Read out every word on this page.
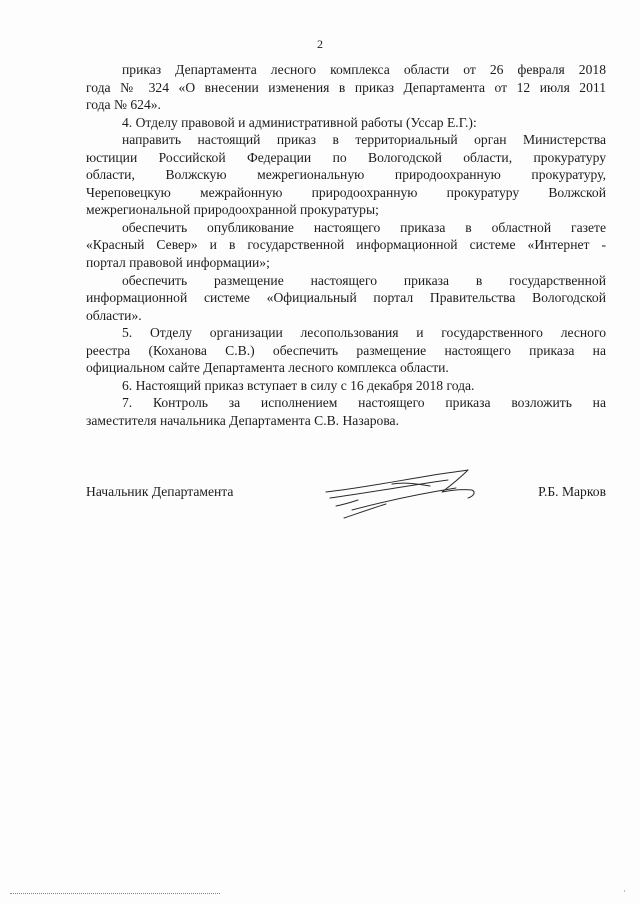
2
приказ Департамента лесного комплекса области от 26 февраля 2018
года № 324 «О внесении изменения в приказ Департамента от 12 июля 2011
года № 624».
4. Отделу правовой и административной работы (Уссар Е.Г.):
направить настоящий приказ в территориальный орган Министерства
юстиции Российской Федерации по Вологодской области, прокуратуру
области, Волжскую межрегиональную природоохранную прокуратуру,
Череповецкую межрайонную природоохранную прокуратуру Волжской
межрегиональной природоохранной прокуратуры;
обеспечить опубликование настоящего приказа в областной газете
«Красный Север» и в государственной информационной системе «Интернет -
портал правовой информации»;
обеспечить размещение настоящего приказа в государственной
информационной системе «Официальный портал Правительства Вологодской
области».
5. Отделу организации лесопользования и государственного лесного
реестра (Коханова С.В.) обеспечить размещение настоящего приказа на
официальном сайте Департамента лесного комплекса области.
6. Настоящий приказ вступает в силу с 16 декабря 2018 года.
7. Контроль за исполнением настоящего приказа возложить на
заместителя начальника Департамента С.В. Назарова.
Начальник Департамента	Р.Б. Марков
·
